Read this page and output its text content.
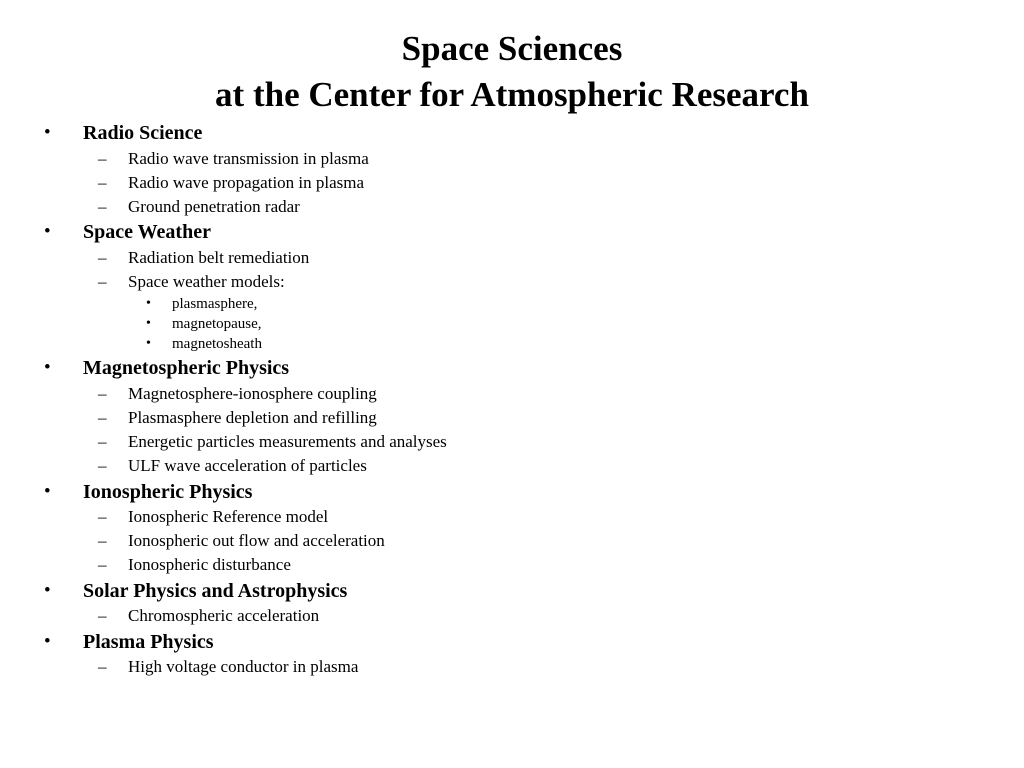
Space Sciences
at the Center for Atmospheric Research
• Radio Science
– Radio wave transmission in plasma
– Radio wave propagation in plasma
– Ground penetration radar
• Space Weather
– Radiation belt remediation
– Space weather models:
• plasmasphere,
• magnetopause,
• magnetosheath
• Magnetospheric Physics
– Magnetosphere-ionosphere coupling
– Plasmasphere depletion and refilling
– Energetic particles measurements and analyses
– ULF wave acceleration of particles
• Ionospheric Physics
– Ionospheric Reference model
– Ionospheric out flow and acceleration
– Ionospheric disturbance
• Solar Physics and Astrophysics
– Chromospheric acceleration
• Plasma Physics
– High voltage conductor in plasma
